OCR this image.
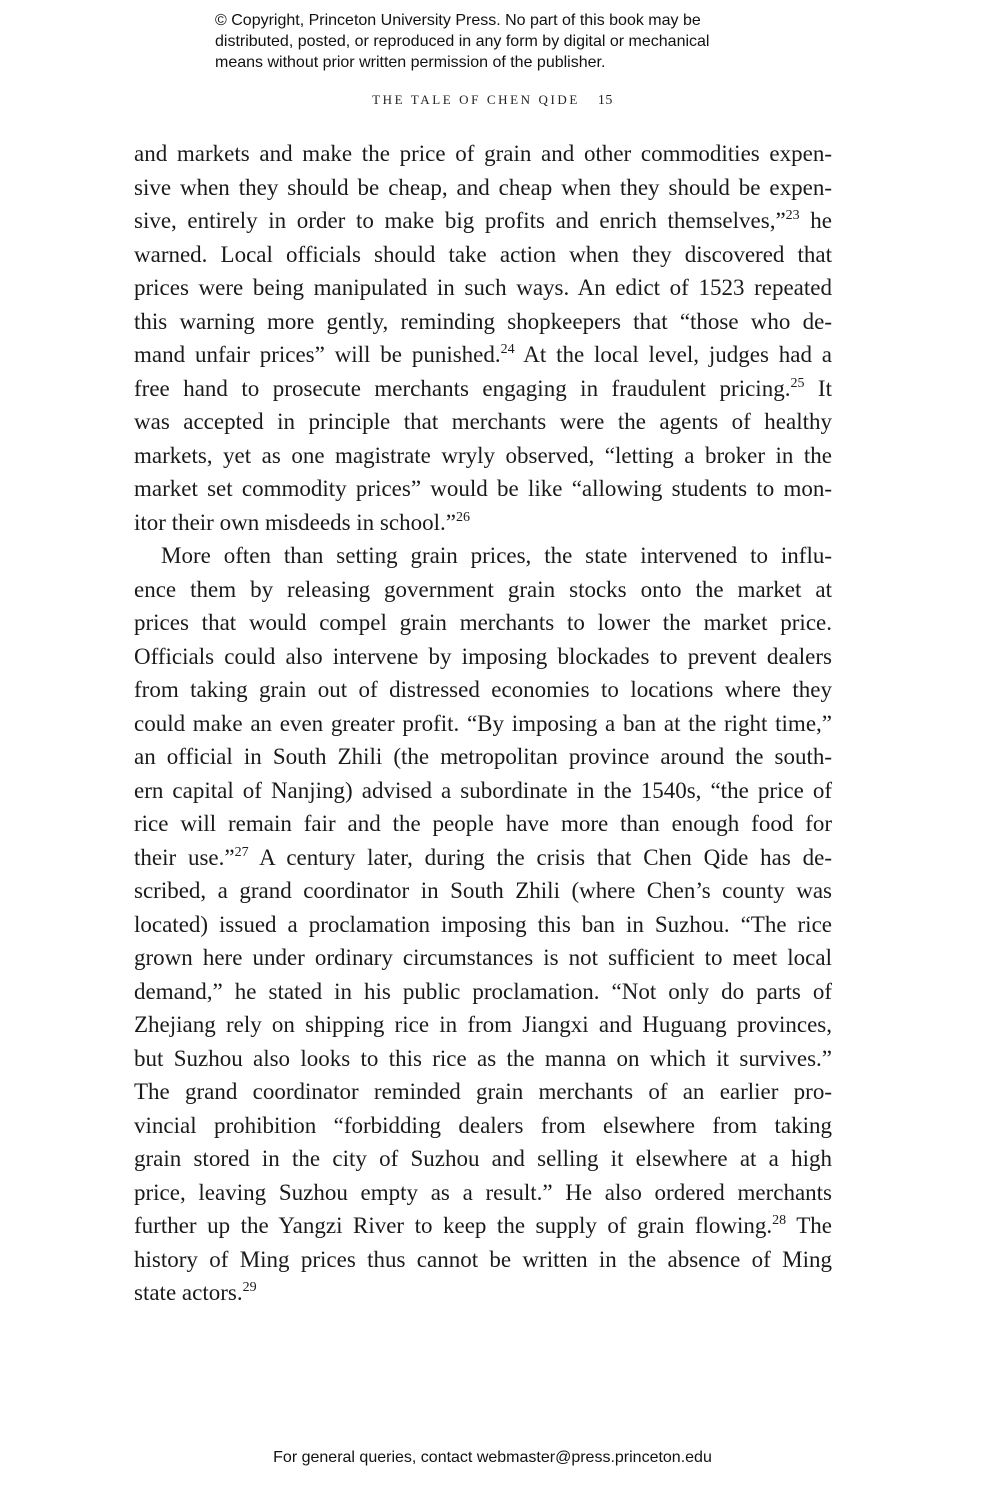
© Copyright, Princeton University Press. No part of this book may be
distributed, posted, or reproduced in any form by digital or mechanical
means without prior written permission of the publisher.
THE TALE OF CHEN QIDE 15
and markets and make the price of grain and other commodities expen-
sive when they should be cheap, and cheap when they should be expen-
sive, entirely in order to make big profits and enrich themselves,”$^{23}$ he
warned. Local officials should take action when they discovered that
prices were being manipulated in such ways. An edict of 1523 repeated
this warning more gently, reminding shopkeepers that “those who de-
mand unfair prices” will be punished.$^{24}$ At the local level, judges had a
free hand to prosecute merchants engaging in fraudulent pricing.$^{25}$ It
was accepted in principle that merchants were the agents of healthy
markets, yet as one magistrate wryly observed, “letting a broker in the
market set commodity prices” would be like “allowing students to mon-
itor their own misdeeds in school.”$^{26}$
More often than setting grain prices, the state intervened to influ-
ence them by releasing government grain stocks onto the market at
prices that would compel grain merchants to lower the market price.
Officials could also intervene by imposing blockades to prevent dealers
from taking grain out of distressed economies to locations where they
could make an even greater profit. “By imposing a ban at the right time,”
an official in South Zhili (the metropolitan province around the south-
ern capital of Nanjing) advised a subordinate in the 1540s, “the price of
rice will remain fair and the people have more than enough food for
their use.”$^{27}$ A century later, during the crisis that Chen Qide has de-
scribed, a grand coordinator in South Zhili (where Chen’s county was
located) issued a proclamation imposing this ban in Suzhou. “The rice
grown here under ordinary circumstances is not sufficient to meet local
demand,” he stated in his public proclamation. “Not only do parts of
Zhejiang rely on shipping rice in from Jiangxi and Huguang provinces,
but Suzhou also looks to this rice as the manna on which it survives.”
The grand coordinator reminded grain merchants of an earlier pro-
vincial prohibition “forbidding dealers from elsewhere from taking
grain stored in the city of Suzhou and selling it elsewhere at a high
price, leaving Suzhou empty as a result.” He also ordered merchants
further up the Yangzi River to keep the supply of grain flowing.$^{28}$ The
history of Ming prices thus cannot be written in the absence of Ming
state actors.$^{29}$
For general queries, contact webmaster@press.princeton.edu
